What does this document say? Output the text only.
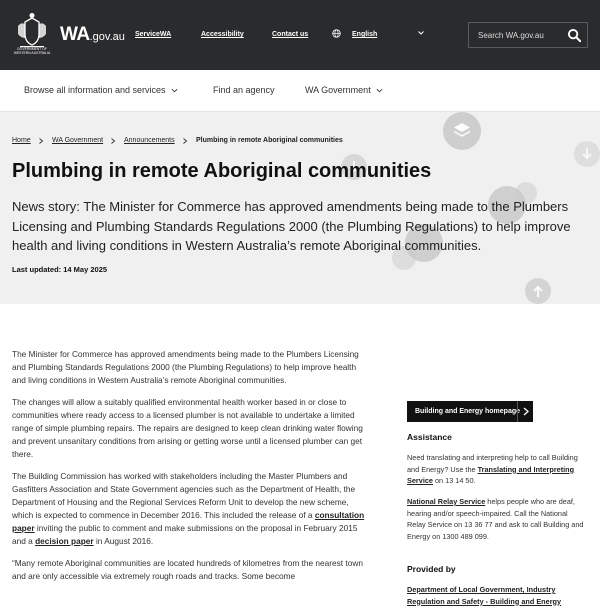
GOVERNMENT OF
WESTERN AUSTRALIA
WA.gov.au ServiceWA	Accessibility	Contact us	English	Search WA.gov.au
Browse all information and services	Find an agency	WA Government
Home	WA Government	Announcements	Plumbing in remote Aboriginal communities
Plumbing in remote Aboriginal communities

News story: The Minister for Commerce has approved amendments being made to the Plumbers Licensing and Plumbing Standards Regulations 2000 (the Plumbing Regulations) to help improve health and living conditions in Western Australia’s remote Aboriginal communities.

Last updated: 14 May 2025

The Minister for Commerce has approved amendments being made to the Plumbers Licensing and Plumbing Standards Regulations 2000 (the Plumbing Regulations) to help improve health and living conditions in Western Australia’s remote Aboriginal communities.

The changes will allow a suitably qualified environmental health worker based in or close to communities where ready access to a licensed plumber is not available to undertake a limited range of simple plumbing repairs. The repairs are designed to keep clean drinking water flowing and prevent unsanitary conditions from arising or getting worse until a licensed plumber can get there.

The Building Commission has worked with stakeholders including the Master Plumbers and Gasfitters Association and State Government agencies such as the Department of Health, the Department of Housing and the Regional Services Reform Unit to develop the new scheme, which is expected to commence in December 2016. This included the release of a consultation paper inviting the public to comment and make submissions on the proposal in February 2015 and a decision paper in August 2016.

“Many remote Aboriginal communities are located hundreds of kilometres from the nearest town and are only accessible via extremely rough roads and tracks. Some become

Building and Energy homepage
Assistance
Need translating and interpreting help to call Building and Energy? Use the Translating and Interpreting Service on 13 14 50.
National Relay Service helps people who are deaf, hearing and/or speech-impaired. Call the National Relay Service on 13 36 77 and ask to call Building and Energy on 1300 489 099.
Provided by
Department of Local Government, Industry Regulation and Safety - Building and Energy
